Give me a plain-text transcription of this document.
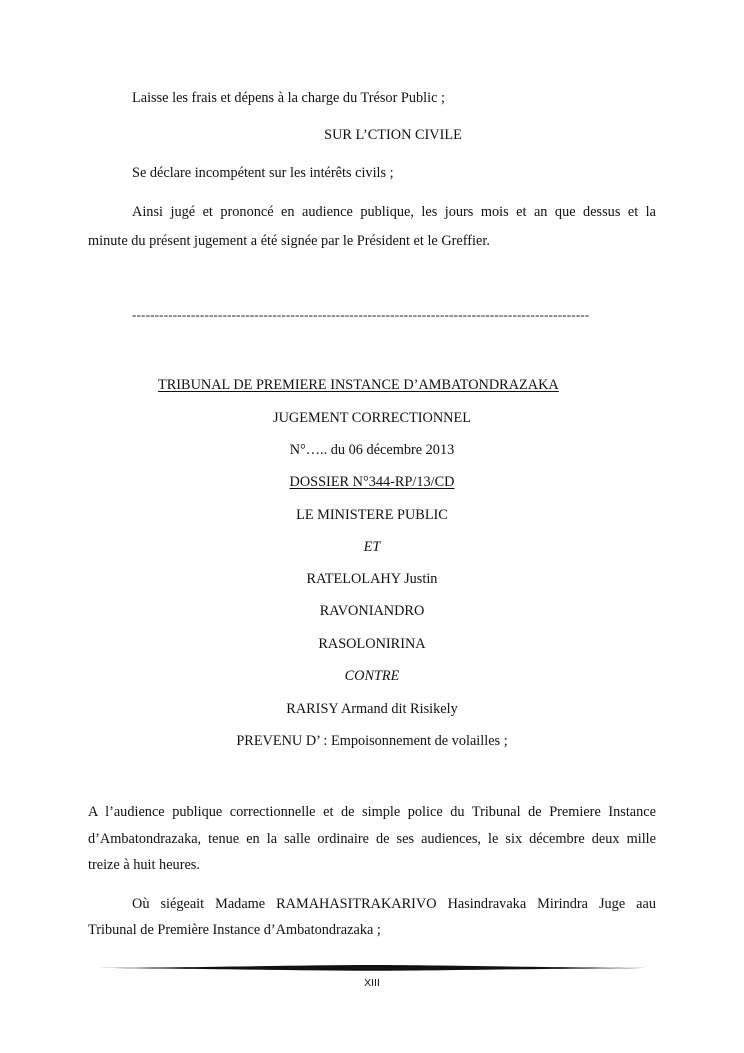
Laisse les frais et dépens à la charge du Trésor Public ;
SUR L’CTION CIVILE
Se déclare incompétent sur les intérêts civils ;
Ainsi jugé et prononcé en audience publique, les jours mois et an que dessus et la
minute du présent jugement a été signée par le Président et le Greffier.
-----------------------------------------------------------------------------------------------------
TRIBUNAL DE PREMIERE INSTANCE D’AMBATONDRAZAKA
JUGEMENT CORRECTIONNEL
N°….. du 06 décembre 2013
DOSSIER N°344-RP/13/CD
LE MINISTERE PUBLIC
ET
RATELOLAHY Justin
RAVONIANDRO
RASOLONIRINA
CONTRE
RARISY Armand dit Risikely
PREVENU D’ : Empoisonnement de volailles ;
A l’audience publique correctionnelle et de simple police du Tribunal de Premiere Instance
d’Ambatondrazaka, tenue en la salle ordinaire de ses audiences, le six décembre deux mille
treize à huit heures.
Où siégeait Madame RAMAHASITRAKARIVO Hasindravaka Mirindra Juge aau
Tribunal de Première Instance d’Ambatondrazaka ;
XIII
